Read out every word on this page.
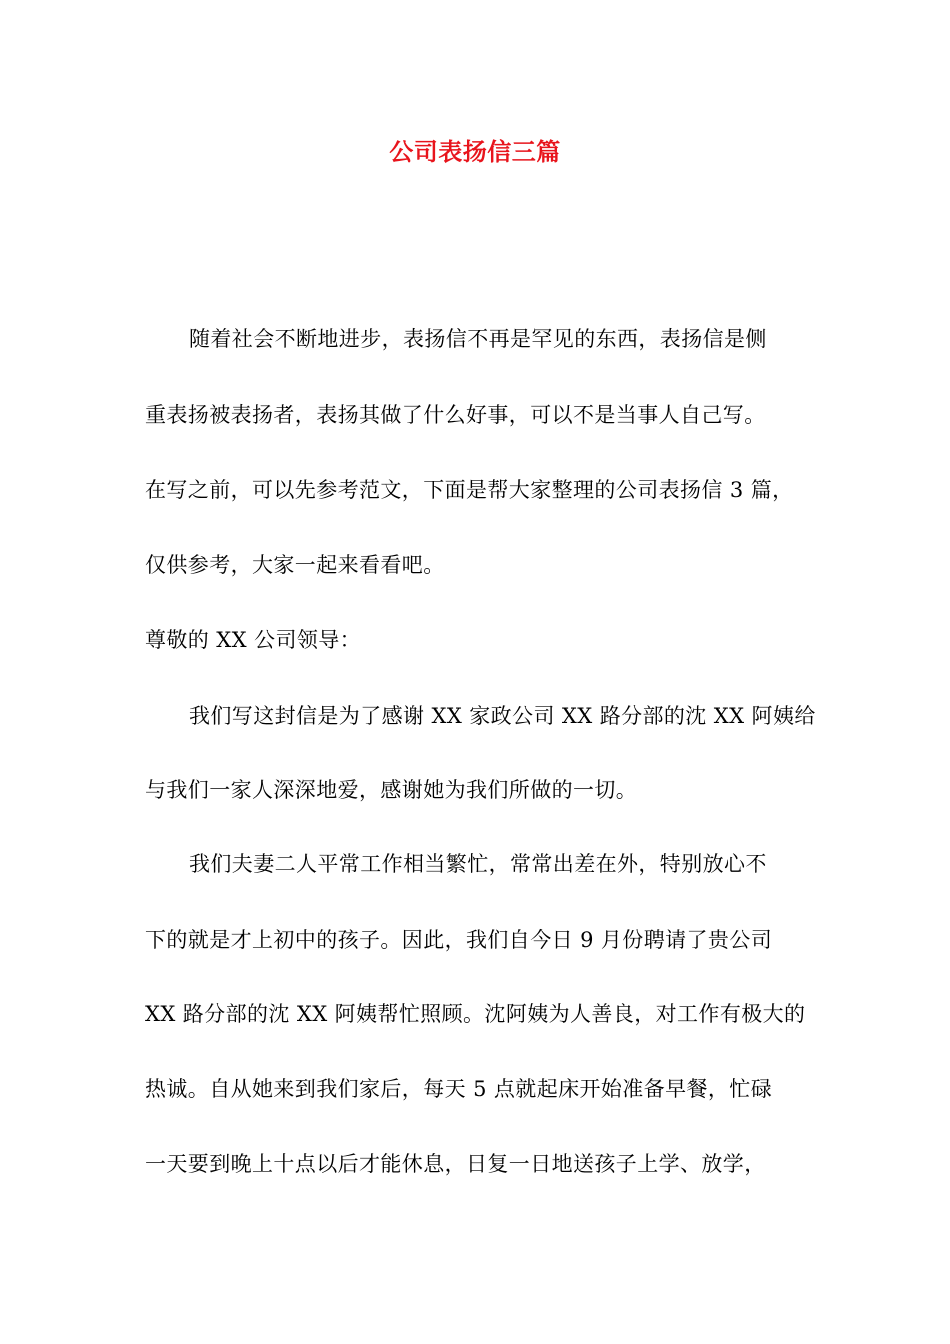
公司表扬信三篇
随着社会不断地进步，表扬信不再是罕见的东西，表扬信是侧
重表扬被表扬者，表扬其做了什么好事，可以不是当事人自己写。
在写之前，可以先参考范文，下面是帮大家整理的公司表扬信 3 篇，
仅供参考，大家一起来看看吧。
尊敬的 XX 公司领导：
我们写这封信是为了感谢 XX 家政公司 XX 路分部的沈 XX 阿姨给
与我们一家人深深地爱，感谢她为我们所做的一切。
我们夫妻二人平常工作相当繁忙，常常出差在外，特别放心不
下的就是才上初中的孩子。因此，我们自今日 9 月份聘请了贵公司
XX 路分部的沈 XX 阿姨帮忙照顾。沈阿姨为人善良，对工作有极大的
热诚。自从她来到我们家后，每天 5 点就起床开始准备早餐，忙碌
一天要到晚上十点以后才能休息，日复一日地送孩子上学、放学，
